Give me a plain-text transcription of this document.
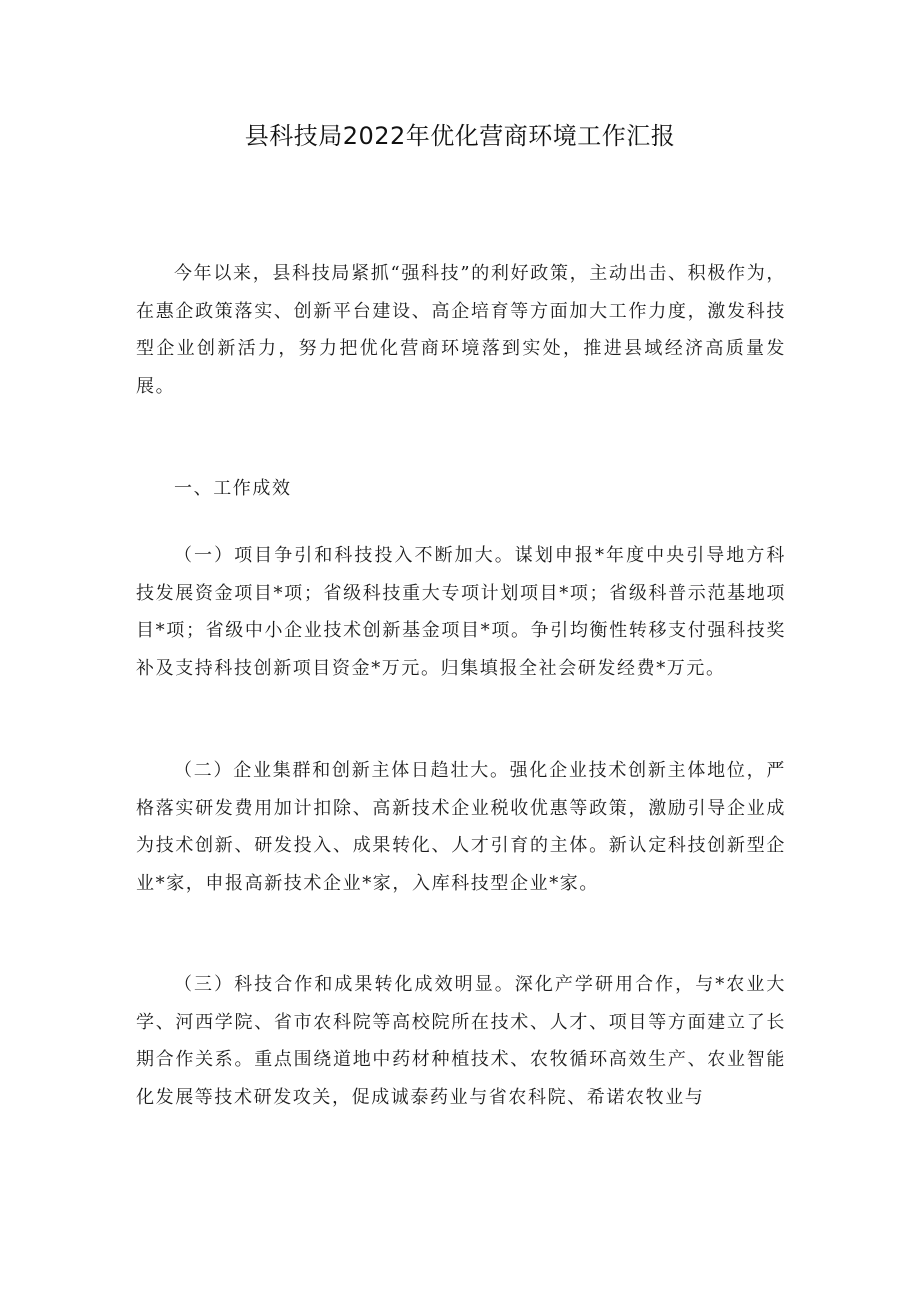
县科技局2022年优化营商环境工作汇报

今年以来，县科技局紧抓“强科技”的利好政策，主动出击、积极作为，在惠企政策落实、创新平台建设、高企培育等方面加大工作力度，激发科技型企业创新活力，努力把优化营商环境落到实处，推进县域经济高质量发展。

一、工作成效

（一）项目争引和科技投入不断加大。谋划申报*年度中央引导地方科技发展资金项目*项；省级科技重大专项计划项目*项；省级科普示范基地项目*项；省级中小企业技术创新基金项目*项。争引均衡性转移支付强科技奖补及支持科技创新项目资金*万元。归集填报全社会研发经费*万元。

（二）企业集群和创新主体日趋壮大。强化企业技术创新主体地位，严格落实研发费用加计扣除、高新技术企业税收优惠等政策，激励引导企业成为技术创新、研发投入、成果转化、人才引育的主体。新认定科技创新型企业*家，申报高新技术企业*家，入库科技型企业*家。

（三）科技合作和成果转化成效明显。深化产学研用合作，与*农业大学、河西学院、省市农科院等高校院所在技术、人才、项目等方面建立了长期合作关系。重点围绕道地中药材种植技术、农牧循环高效生产、农业智能化发展等技术研发攻关，促成诚泰药业与省农科院、希诺农牧业与
